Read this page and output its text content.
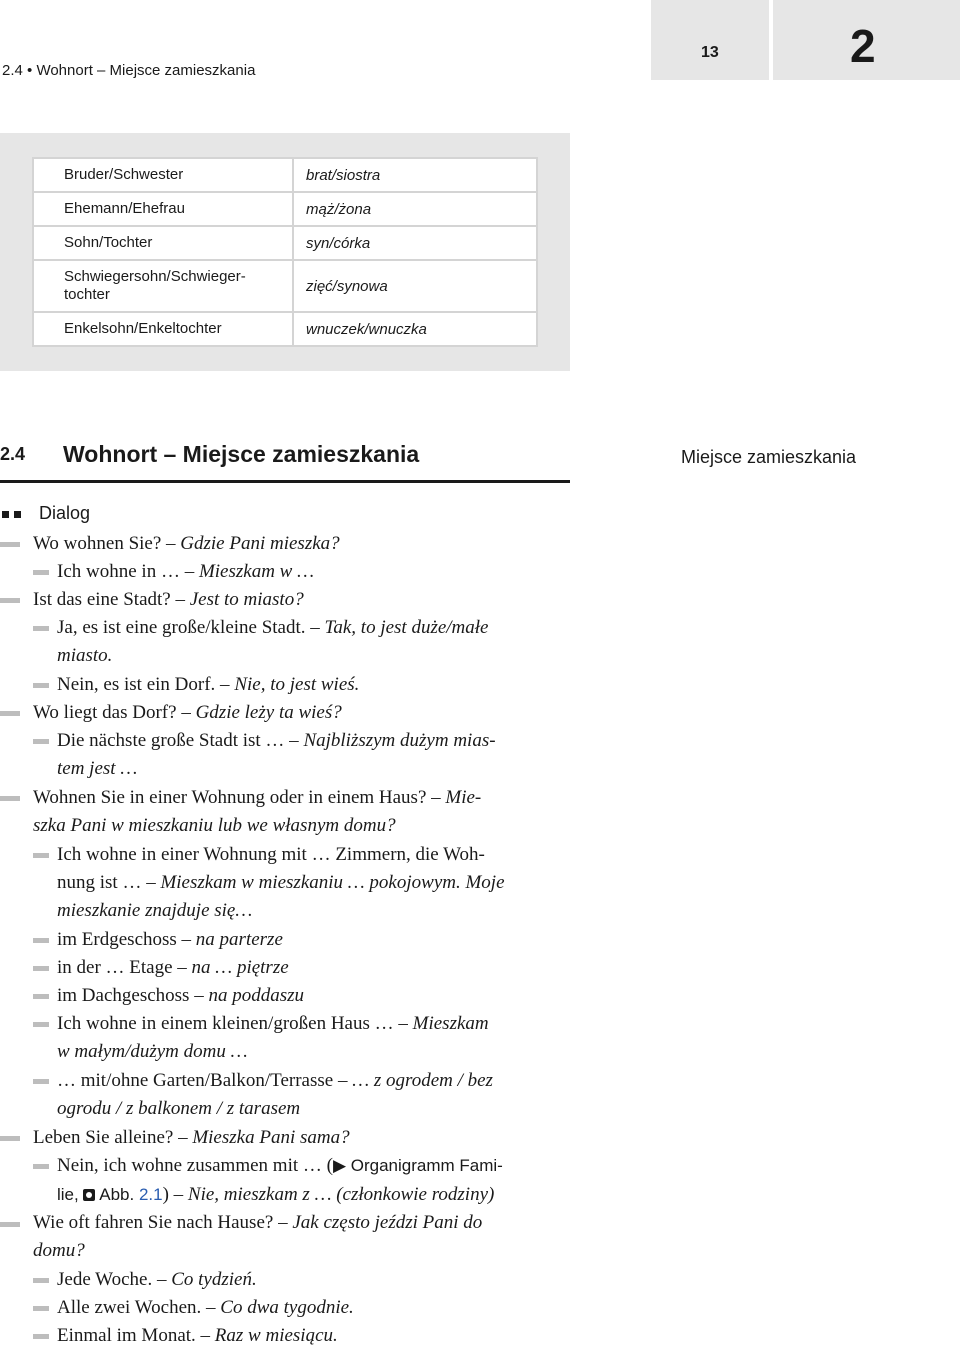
2.4 • Wohnort – Miejsce zamieszkania
13	2
Bruder/Schwester	brat/siostra
Ehemann/Ehefrau	mąż/żona
Sohn/Tochter	syn/córka
Schwiegersohn/Schwieger-
tochter	zięć/synowa
Enkelsohn/Enkeltochter	wnuczek/wnuczka
2.4 Wohnort – Miejsce zamieszkania	Miejsce zamieszkania
Dialog
Wo wohnen Sie? – Gdzie Pani mieszka?
Ich wohne in … – Mieszkam w …
Ist das eine Stadt? – Jest to miasto?
Ja, es ist eine große/kleine Stadt. – Tak, to jest duże/małe
miasto.
Nein, es ist ein Dorf. – Nie, to jest wieś.
Wo liegt das Dorf? – Gdzie leży ta wieś?
Die nächste große Stadt ist … – Najbliższym dużym mias-
tem jest …
Wohnen Sie in einer Wohnung oder in einem Haus? – Mie-
szka Pani w mieszkaniu lub we własnym domu?
Ich wohne in einer Wohnung mit … Zimmern, die Woh-
nung ist … – Mieszkam w mieszkaniu … pokojowym. Moje
mieszkanie znajduje się…
im Erdgeschoss – na parterze
in der … Etage – na … piętrze
im Dachgeschoss – na poddaszu
Ich wohne in einem kleinen/großen Haus … – Mieszkam
w małym/dużym domu …
… mit/ohne Garten/Balkon/Terrasse – … z ogrodem / bez
ogrodu / z balkonem / z tarasem
Leben Sie alleine? – Mieszka Pani sama?
Nein, ich wohne zusammen mit … (▶ Organigramm Fami-
lie,
Abb. 2.1) – Nie, mieszkam z … (członkowie rodziny)
Wie oft fahren Sie nach Hause? – Jak często jeździ Pani do
domu?
Jede Woche. – Co tydzień.
Alle zwei Wochen. – Co dwa tygodnie.
Einmal im Monat. – Raz w miesiącu.
